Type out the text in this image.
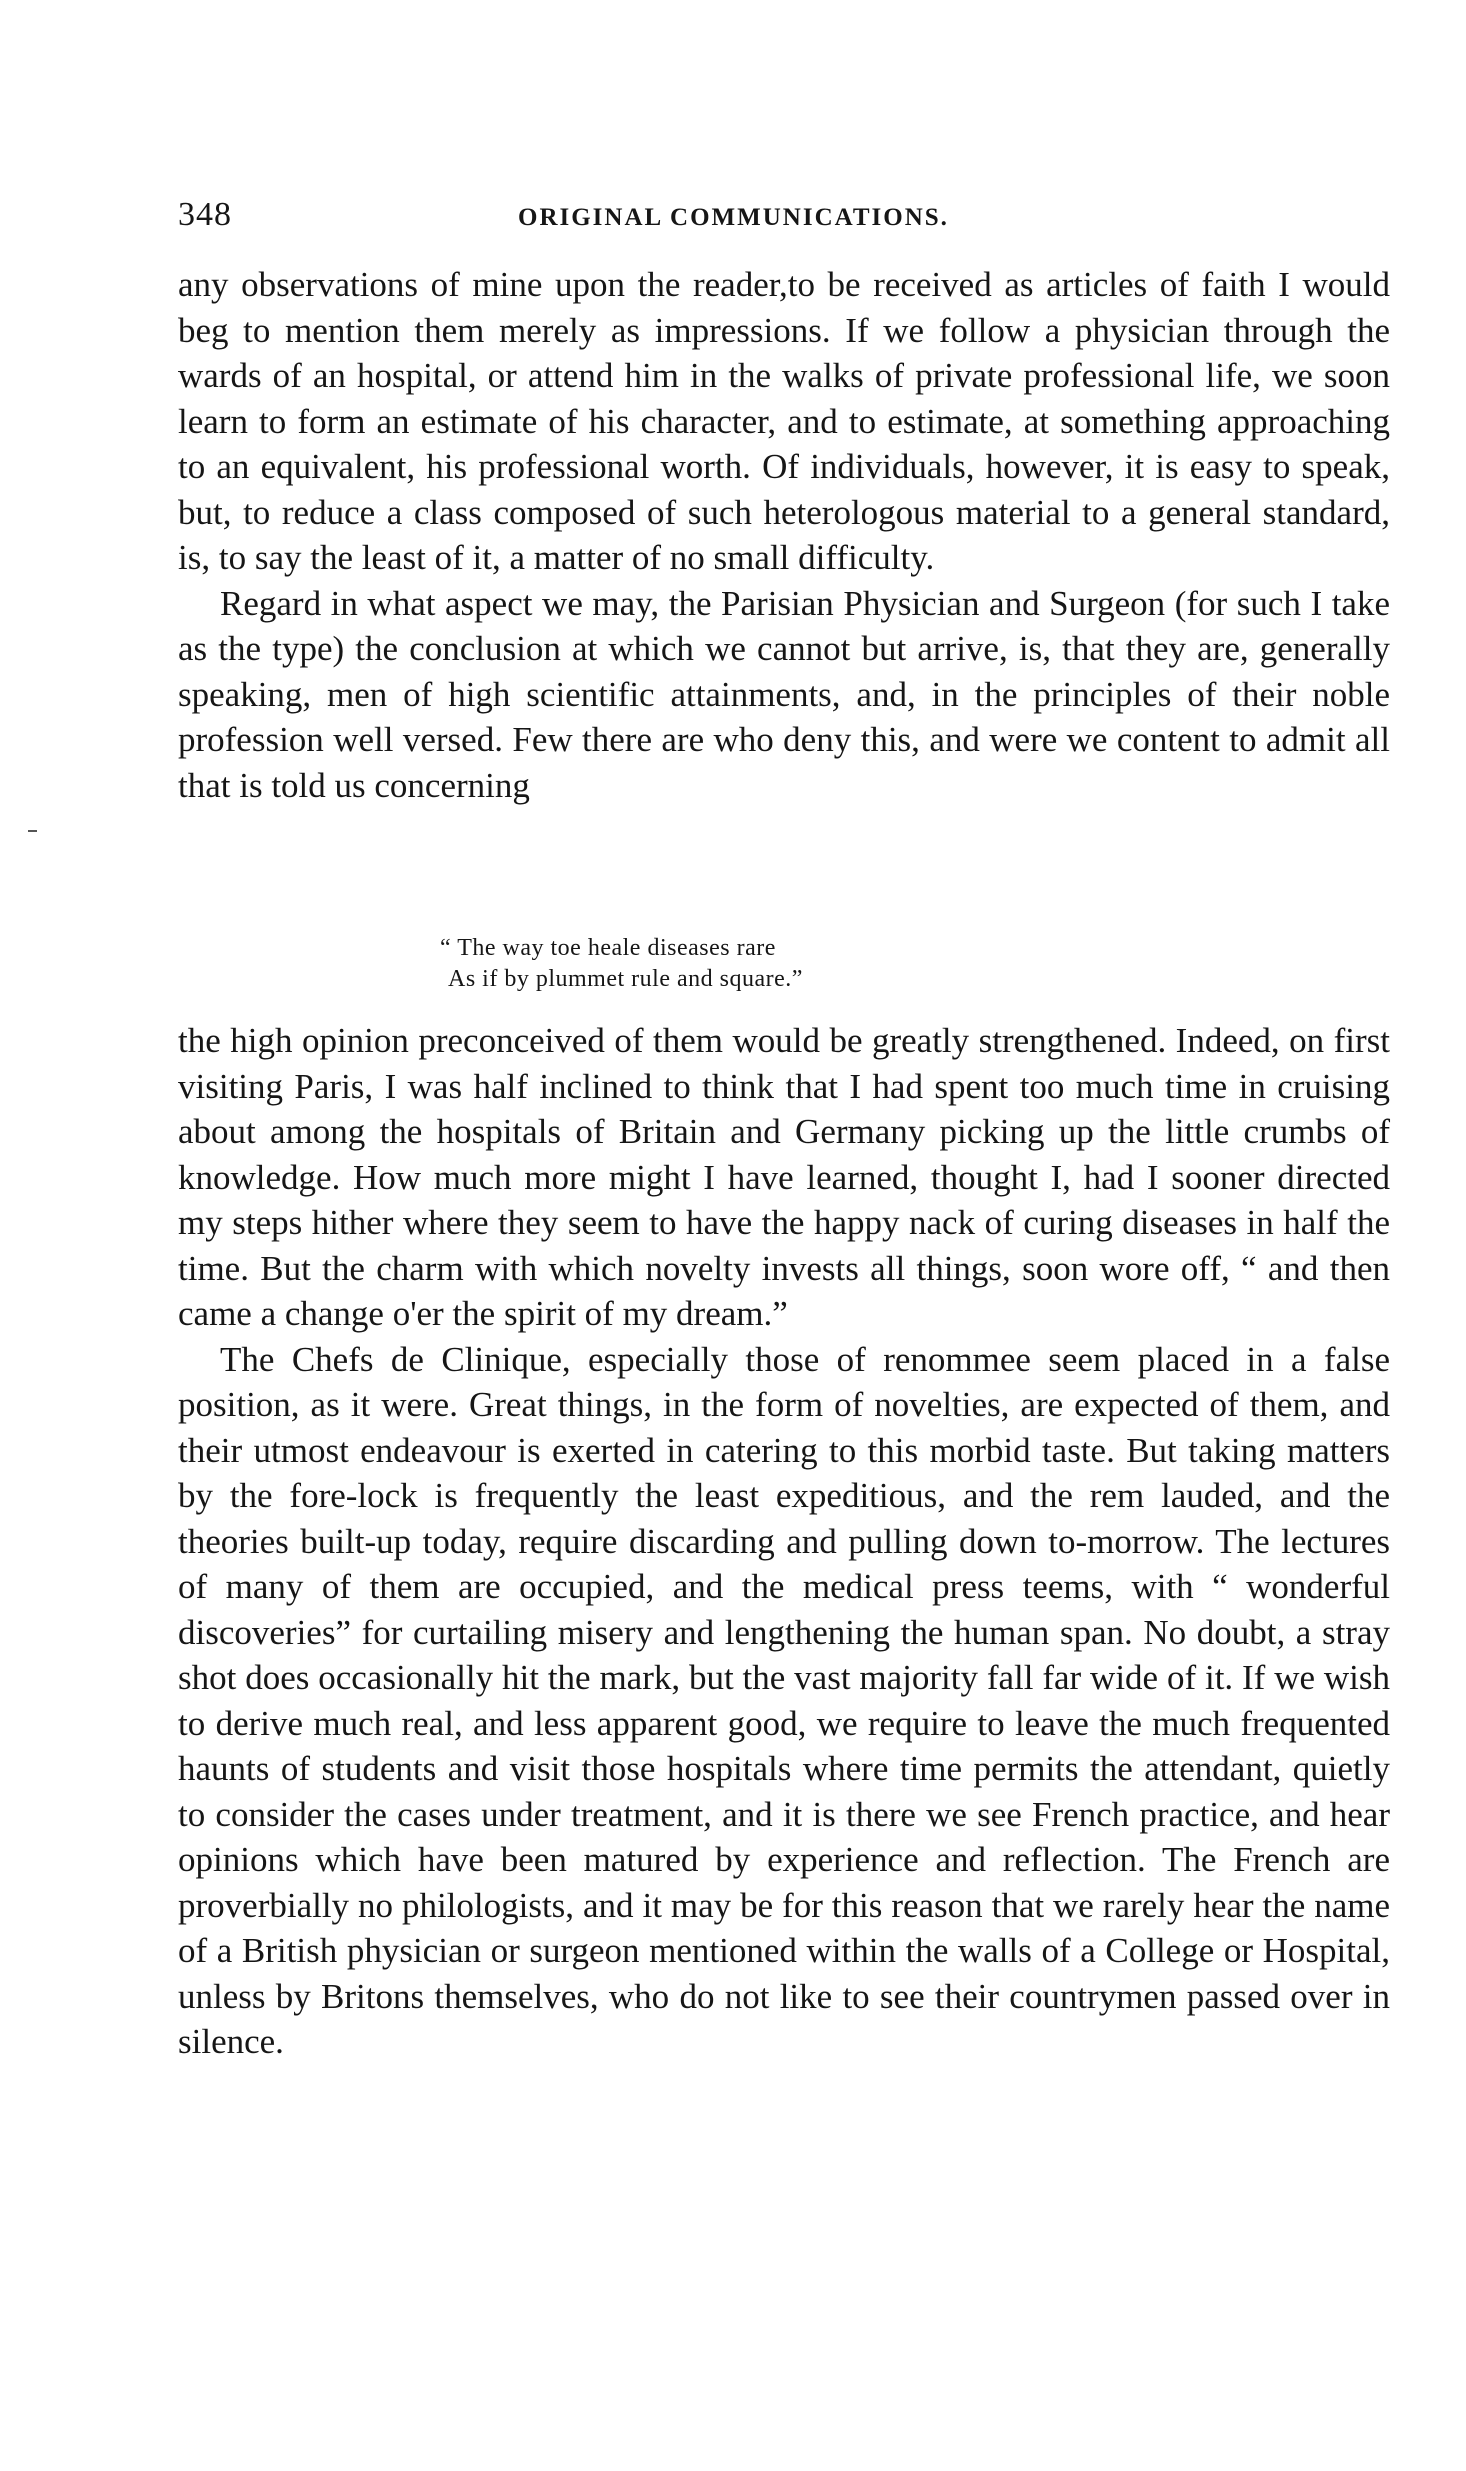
348	ORIGINAL COMMUNICATIONS.

any observations of mine upon the reader,to be received as articles of faith I would beg to mention them merely as impressions. If we follow a physician through the wards of an hospital, or attend him in the walks of private professional life, we soon learn to form an estimate of his character, and to estimate, at something approaching to an equivalent, his professional worth. Of individuals, however, it is easy to speak, but, to reduce a class composed of such heterologous material to a general standard, is, to say the least of it, a matter of no small difficulty.

Regard in what aspect we may, the Parisian Physician and Surgeon (for such I take as the type) the conclusion at which we cannot but arrive, is, that they are, generally speaking, men of high scientific attainments, and, in the principles of their noble profession well versed. Few there are who deny this, and were we content to admit all that is told us concerning

“ The way toe heale diseases rare
As if by plummet rule and square.”

the high opinion preconceived of them would be greatly strengthened. Indeed, on first visiting Paris, I was half inclined to think that I had spent too much time in cruising about among the hospitals of Britain and Germany picking up the little crumbs of knowledge. How much more might I have learned, thought I, had I sooner directed my steps hither where they seem to have the happy nack of curing diseases in half the time. But the charm with which novelty invests all things, soon wore off, “ and then came a change o'er the spirit of my dream.”

The Chefs de Clinique, especially those of renommee seem placed in a false position, as it were. Great things, in the form of novelties, are expected of them, and their utmost endeavour is exerted in catering to this morbid taste. But taking matters by the fore-lock is frequently the least expeditious, and the rem lauded, and the theories built-up today, require discarding and pulling down to-morrow. The lectures of many of them are occupied, and the medical press teems, with “ wonderful discoveries” for curtailing misery and lengthening the human span. No doubt, a stray shot does occasionally hit the mark, but the vast majority fall far wide of it. If we wish to derive much real, and less apparent good, we require to leave the much frequented haunts of students and visit those hospitals where time permits the attendant, quietly to consider the cases under treatment, and it is there we see French practice, and hear opinions which have been matured by experience and reflection. The French are proverbially no philologists, and it may be for this reason that we rarely hear the name of a British physician or surgeon mentioned within the walls of a College or Hospital, unless by Britons themselves, who do not like to see their countrymen passed over in silence.
